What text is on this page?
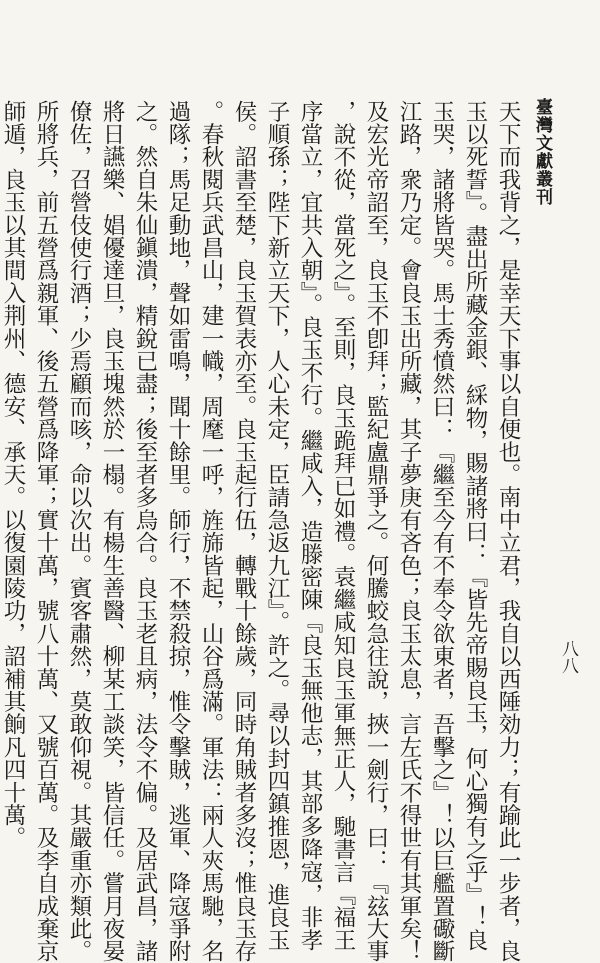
臺灣文獻叢刊
八八
天下而我背之，是幸天下事以自便也。南中立君，我自以西陲効力；有踰此一步者，良
玉以死誓』。盡出所藏金銀、綵物，賜諸將曰：『皆先帝賜良玉，何心獨有之乎』！良
玉哭，諸將皆哭。馬士秀憤然曰：『繼至今有不奉令欲東者，吾擊之』！以巨艦置礮斷
江路，衆乃定。會良玉出所藏，其子夢庚有吝色；良玉太息，言左氏不得世有其軍矣！
及宏光帝詔至，良玉不卽拜；監紀盧鼎爭之。何騰蛟急往說，挾一劍行，曰：『玆大事
，說不從，當死之』。至則，良玉跪拜已如禮。袁繼咸知良玉軍無正人，馳書言『福王
序當立，宜共入朝』。良玉不行。繼咸入，造滕密陳『良玉無他志，其部多降寇，非孝
子順孫；陛下新立天下，人心未定，臣請急返九江』。許之。尋以封四鎮推恩，進良玉
侯。詔書至楚，良玉賀表亦至。良玉起行伍，轉戰十餘歲，同時角賊者多沒；惟良玉存
。春秋閱兵武昌山，建一幟，周麾一呼，旌旆皆起，山谷爲滿。軍法：兩人夾馬馳，名
過隊；馬足動地，聲如雷鳴，聞十餘里。師行，不禁殺掠，惟令擊賊，逃軍、降寇爭附
之。然自朱仙鎭潰，精銳已盡；後至者多烏合。良玉老且病，法令不偏。及居武昌，諸
將日讌樂、娼優達旦，良玉塊然於一榻。有楊生善醫、柳某工談笑，皆信任。嘗月夜晏
僚佐，召營伎使行酒；少焉顧而咳，命以次出。賓客肅然，莫敢仰視。其嚴重亦類此。
所將兵，前五營爲親軍、後五營爲降軍；實十萬，號八十萬、又號百萬。及李自成棄京
師遁，良玉以其間入荆州、德安、承天。以復園陵功，詔補其餉凡四十萬。
